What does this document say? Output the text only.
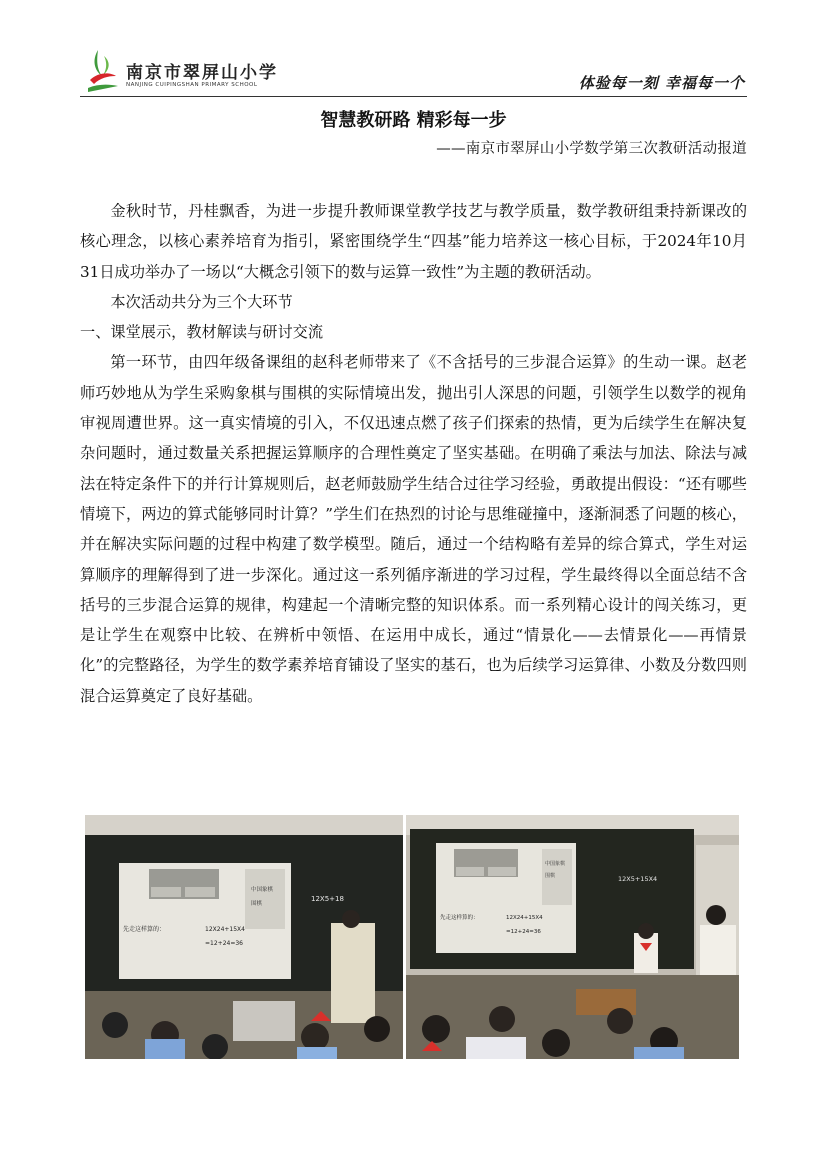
南京市翠屏山小学
NANJING CUIPINGSHAN PRIMARY SCHOOL	体验每一刻 幸福每一个
智慧教研路 精彩每一步
——南京市翠屏山小学数学第三次教研活动报道

金秋时节，丹桂飘香，为进一步提升教师课堂教学技艺与教学质量，数学教研组秉持新课改的核心理念，以核心素养培育为指引，紧密围绕学生“四基”能力培养这一核心目标，于2024年10月31日成功举办了一场以“大概念引领下的数与运算一致性”为主题的教研活动。

本次活动共分为三个大环节

一、课堂展示，教材解读与研讨交流

第一环节，由四年级备课组的赵科老师带来了《不含括号的三步混合运算》的生动一课。赵老师巧妙地从为学生采购象棋与围棋的实际情境出发，抛出引人深思的问题，引领学生以数学的视角审视周遭世界。这一真实情境的引入，不仅迅速点燃了孩子们探索的热情，更为后续学生在解决复杂问题时，通过数量关系把握运算顺序的合理性奠定了坚实基础。在明确了乘法与加法、除法与减法在特定条件下的并行计算规则后，赵老师鼓励学生结合过往学习经验，勇敢提出假设：“还有哪些情境下，两边的算式能够同时计算？”学生们在热烈的讨论与思维碰撞中，逐渐洞悉了问题的核心，并在解决实际问题的过程中构建了数学模型。随后，通过一个结构略有差异的综合算式，学生对运算顺序的理解得到了进一步深化。通过这一系列循序渐进的学习过程，学生最终得以全面总结不含括号的三步混合运算的规律，构建起一个清晰完整的知识体系。而一系列精心设计的闯关练习，更是让学生在观察中比较、在辨析中领悟、在运用中成长，通过“情景化——去情景化——再情景化”的完整路径，为学生的数学素养培育铺设了坚实的基石，也为后续学习运算律、小数及分数四则混合运算奠定了良好基础。

中国象棋
围棋
先走这样算的：	12X24+15X4
=12+24=36
12X5+18
中国象棋
围棋
先走这样算的：	12X24+15X4
=12+24=36
12X5+15X4
